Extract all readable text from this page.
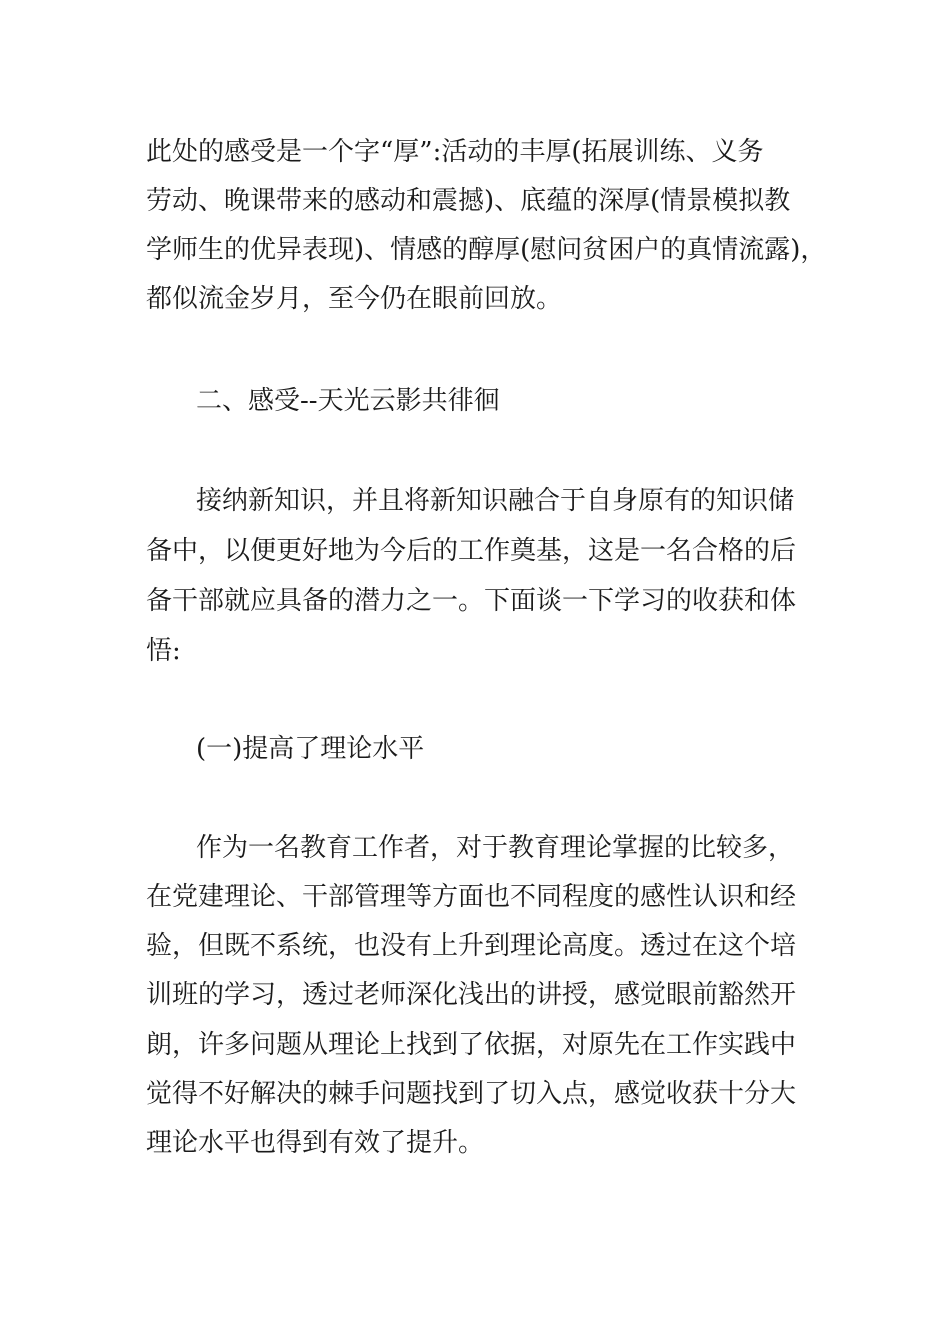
此处的感受是一个字“厚”:活动的丰厚(拓展训练、义务
劳动、晚课带来的感动和震撼)、底蕴的深厚(情景模拟教
学师生的优异表现)、情感的醇厚(慰问贫困户的真情流露)，
都似流金岁月，至今仍在眼前回放。
二、感受--天光云影共徘徊
接纳新知识，并且将新知识融合于自身原有的知识储
备中，以便更好地为今后的工作奠基，这是一名合格的后
备干部就应具备的潜力之一。下面谈一下学习的收获和体
悟:
(一)提高了理论水平
作为一名教育工作者，对于教育理论掌握的比较多，
在党建理论、干部管理等方面也不同程度的感性认识和经
验，但既不系统，也没有上升到理论高度。透过在这个培
训班的学习，透过老师深化浅出的讲授，感觉眼前豁然开
朗，许多问题从理论上找到了依据，对原先在工作实践中
觉得不好解决的棘手问题找到了切入点，感觉收获十分大
理论水平也得到有效了提升。
